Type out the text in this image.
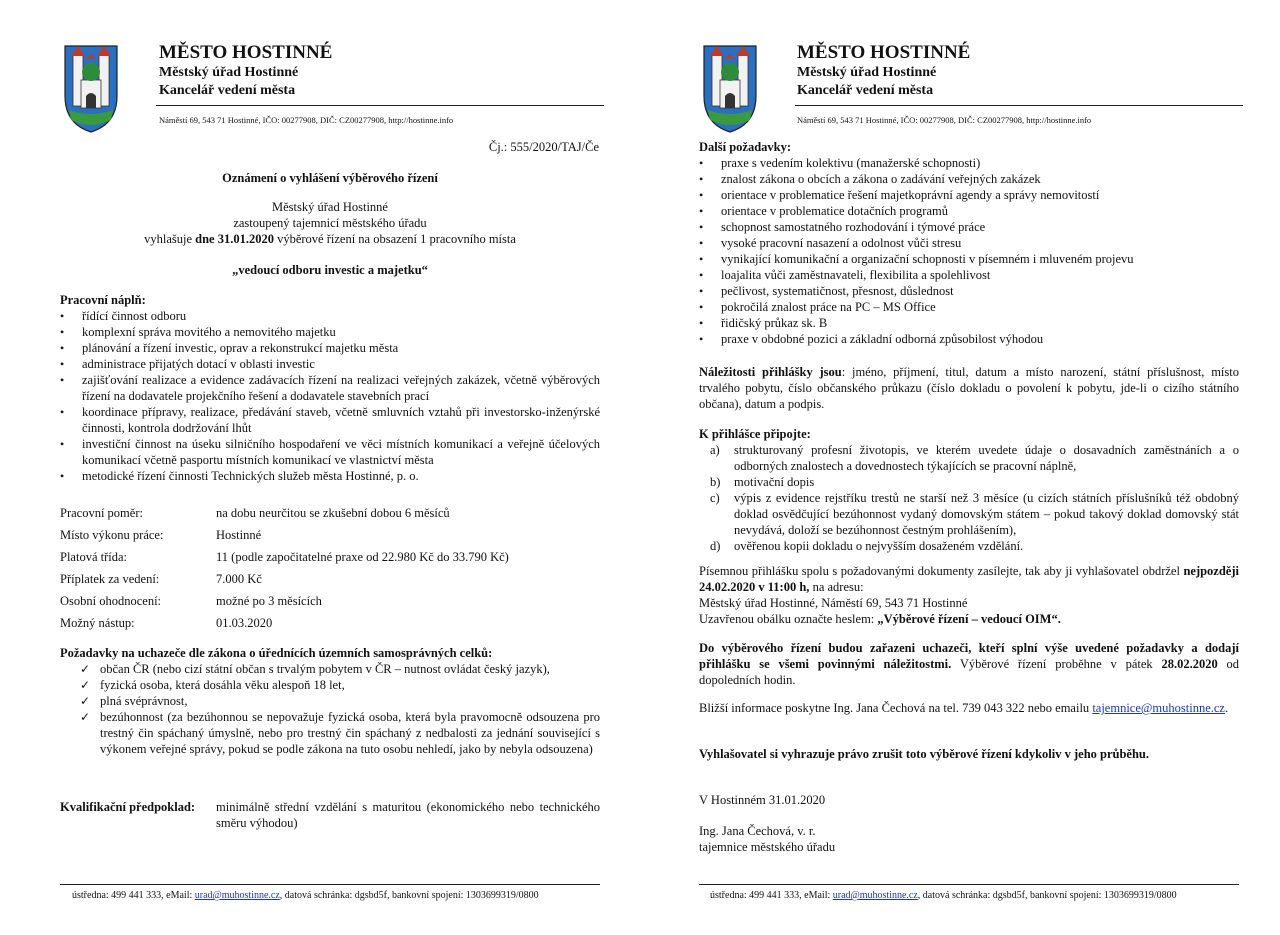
MĚSTO HOSTINNÉ

Městský úřad Hostinné

Kancelář vedení města

Náměstí 69, 543 71 Hostinné, IČO: 00277908, DIČ: CZ00277908, http://hostinne.info

Čj.: 555/2020/TAJ/Če

Oznámení o vyhlášení výběrového řízení

Městský úřad Hostinné

zastoupený tajemnicí městského úřadu

vyhlašuje dne 31.01.2020 výběrové řízení na obsazení 1 pracovního místa

„vedoucí odboru investic a majetku“

Pracovní náplň:

• řídící činnost odboru
• komplexní správa movitého a nemovitého majetku
• plánování a řízení investic, oprav a rekonstrukcí majetku města
• administrace přijatých dotací v oblasti investic
• zajišťování realizace a evidence zadávacích řízení na realizaci veřejných zakázek, včetně výběrových řízení na dodavatele projekčního řešení a dodavatele stavebních prací
• koordinace přípravy, realizace, předávání staveb, včetně smluvních vztahů při investorsko-inženýrské činnosti, kontrola dodržování lhůt
• investiční činnost na úseku silničního hospodaření ve věci místních komunikací a veřejně účelových komunikací včetně pasportu místních komunikací ve vlastnictví města
• metodické řízení činnosti Technických služeb města Hostinné, p. o.
Pracovní poměr:	na dobu neurčitou se zkušební dobou 6 měsíců
Místo výkonu práce:	Hostinné
Platová třída:	11 (podle započitatelné praxe od 22.980 Kč do 33.790 Kč)
Příplatek za vedení:	7.000 Kč
Osobní ohodnocení:	možné po 3 měsících
Možný nástup:	01.03.2020

Požadavky na uchazeče dle zákona o úřednících územních samosprávných celků:

✓ občan ČR (nebo cizí státní občan s trvalým pobytem v ČR – nutnost ovládat český jazyk),
✓ fyzická osoba, která dosáhla věku alespoň 18 let,
✓ plná svéprávnost,
✓ bezúhonnost (za bezúhonnou se nepovažuje fyzická osoba, která byla pravomocně odsouzena pro trestný čin spáchaný úmyslně, nebo pro trestný čin spáchaný z nedbalosti za jednání související s výkonem veřejné správy, pokud se podle zákona na tuto osobu nehledí, jako by nebyla odsouzena)

Kvalifikační předpoklad: minimálně střední vzdělání s maturitou (ekonomického nebo technického směru výhodou)

ústředna: 499 441 333, eMail: urad@muhostinne.cz, datová schránka: dgsbd5f, bankovní spojení: 1303699319/0800

MĚSTO HOSTINNÉ

Městský úřad Hostinné

Kancelář vedení města

Náměstí 69, 543 71 Hostinné, IČO: 00277908, DIČ: CZ00277908, http://hostinne.info

Další požadavky:

• praxe s vedením kolektivu (manažerské schopnosti)
• znalost zákona o obcích a zákona o zadávání veřejných zakázek
• orientace v problematice řešení majetkoprávní agendy a správy nemovitostí
• orientace v problematice dotačních programů
• schopnost samostatného rozhodování i týmové práce
• vysoké pracovní nasazení a odolnost vůči stresu
• vynikající komunikační a organizační schopnosti v písemném i mluveném projevu
• loajalita vůči zaměstnavateli, flexibilita a spolehlivost
• pečlivost, systematičnost, přesnost, důslednost
• pokročilá znalost práce na PC – MS Office
• řidičský průkaz sk. B
• praxe v obdobné pozici a základní odborná způsobilost výhodou

Náležitosti přihlášky jsou: jméno, příjmení, titul, datum a místo narození, státní příslušnost, místo trvalého pobytu, číslo občanského průkazu (číslo dokladu o povolení k pobytu, jde-li o cizího státního občana), datum a podpis.

K přihlášce připojte:

a) strukturovaný profesní životopis, ve kterém uvedete údaje o dosavadních zaměstnáních a o odborných znalostech a dovednostech týkajících se pracovní náplně,
b) motivační dopis
c) výpis z evidence rejstříku trestů ne starší než 3 měsíce (u cizích státních příslušníků též obdobný doklad osvědčující bezúhonnost vydaný domovským státem – pokud takový doklad domovský stát nevydává, doloží se bezúhonnost čestným prohlášením),
d) ověřenou kopii dokladu o nejvyšším dosaženém vzdělání.

Písemnou přihlášku spolu s požadovanými dokumenty zasílejte, tak aby ji vyhlašovatel obdržel nejpozději 24.02.2020 v 11:00 h, na adresu:

Městský úřad Hostinné, Náměstí 69, 543 71 Hostinné

Uzavřenou obálku označte heslem: „Výběrové řízení – vedoucí OIM“.

Do výběrového řízení budou zařazeni uchazeči, kteří splní výše uvedené požadavky a dodají přihlášku se všemi povinnými náležitostmi. Výběrové řízení proběhne v pátek 28.02.2020 od dopoledních hodin.

Bližší informace poskytne Ing. Jana Čechová na tel. 739 043 322 nebo emailu tajemnice@muhostinne.cz.

Vyhlašovatel si vyhrazuje právo zrušit toto výběrové řízení kdykoliv v jeho průběhu.

V Hostinném 31.01.2020

Ing. Jana Čechová, v. r.

tajemnice městského úřadu

ústředna: 499 441 333, eMail: urad@muhostinne.cz, datová schránka: dgsbd5f, bankovní spojení: 1303699319/0800
